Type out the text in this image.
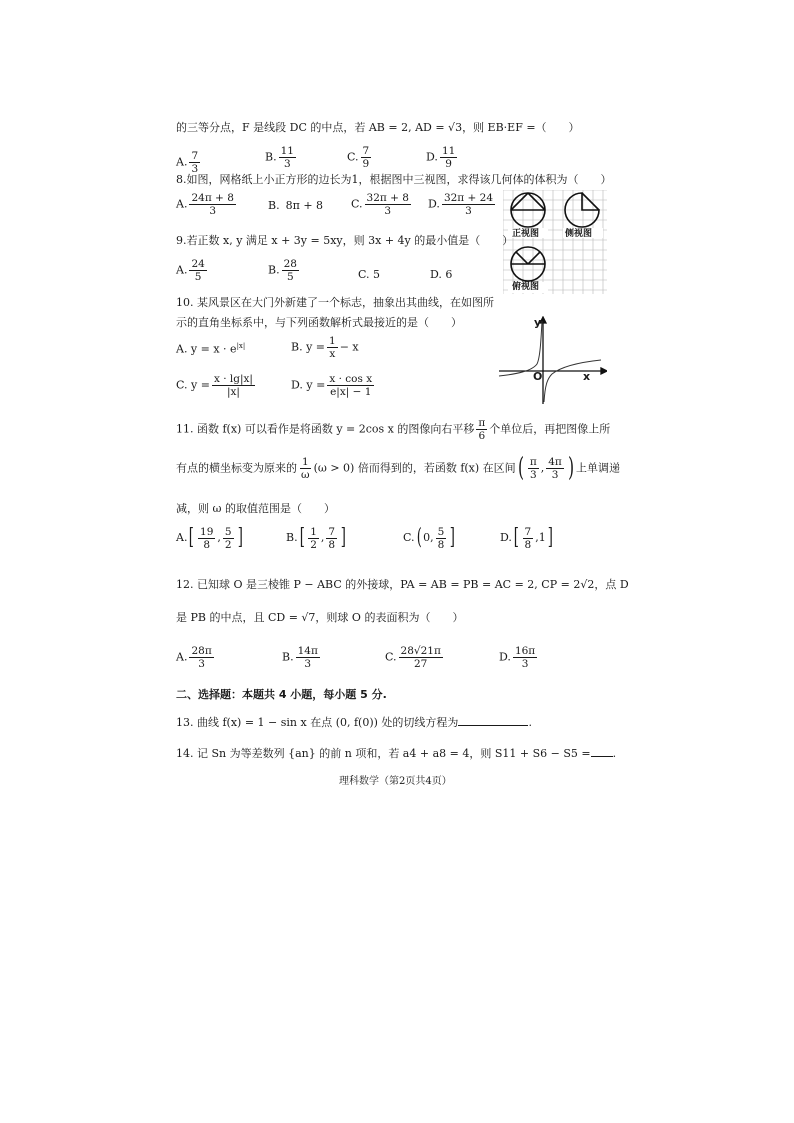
的三等分点，F 是线段 DC 的中点，若 AB = 2, AD = √3，则 EB·EF =（　　）
A. $\frac{7}{3}$	B. $\frac{11}{3}$	C. $\frac{7}{9}$	D. $\frac{11}{9}$
8.如图，网格纸上小正方形的边长为1，根据图中三视图，求得该几何体的体积为（　　）
A. $\frac{24\pi + 8}{3}$	B. 8π + 8	C. $\frac{32\pi + 8}{3} D$. $\frac{32\pi + 24}{3}$
正视图	侧视图
俯视图
9.若正数 x, y 满足 x + 3y = 5xy，则 3x + 4y 的最小值是（　　）
A. $\frac{24}{5}$	B. $\frac{28}{5}$	C. 5	D. 6
10. 某风景区在大门外新建了一个标志，抽象出其曲线，在如图所
示的直角坐标系中，与下列函数解析式最接近的是（　　）
A. $y = x \cdot e^{|x|}$	B. $y = \frac{1}{x} - x$
C. $y = \frac{x \cdot \lg|x|}{|x|}$	D. $y = \frac{\text{x · cos x}}{e|x| - 1}$
y
x
O
11. 函数 f(x) 可以看作是将函数 y = 2cos x 的图像向右平移 $\frac{\pi}{6}$ 个单位后，再把图像上所
有点的横坐标变为原来的 $\frac{1}{\omega} (\omega > 0)$ 倍而得到的，若函数 f(x) 在区间( $\frac{\pi}{3}$ , $\frac{4\pi}{3}$ ) 上单调递
减，则 ω 的取值范围是（　　）
$A.[ \frac{19}{8}$ , $\frac{5}{2}$ ]	$B.[ \frac{1}{2}$ , $\frac{7}{8}$ ]	C.( 0, $\frac{5}{8}$ ]	$D.[ \frac{7}{8} ,1]$
12. 已知球 O 是三棱锥 P − ABC 的外接球，PA = AB = PB = AC = 2, CP = 2√2，点 D
是 PB 的中点，且 CD = √7，则球 O 的表面积为（　　）
A. $\frac{28\pi}{3}$	B. $\frac{14\pi}{3}$	C. $\frac{28√21\pi}{27}$	D. $\frac{16\pi}{3}$
二、选择题：本题共 4 小题，每小题 5 分.
13. 曲线 f(x) = 1 − sin x 在点 (0, f(0)) 处的切线方程为	.
14. 记 Sn 为等差数列 {an} 的前 n 项和，若 a4 + a8 = 4，则 S11 + S6 − S5 = .
理科数学（第2页共4页）
